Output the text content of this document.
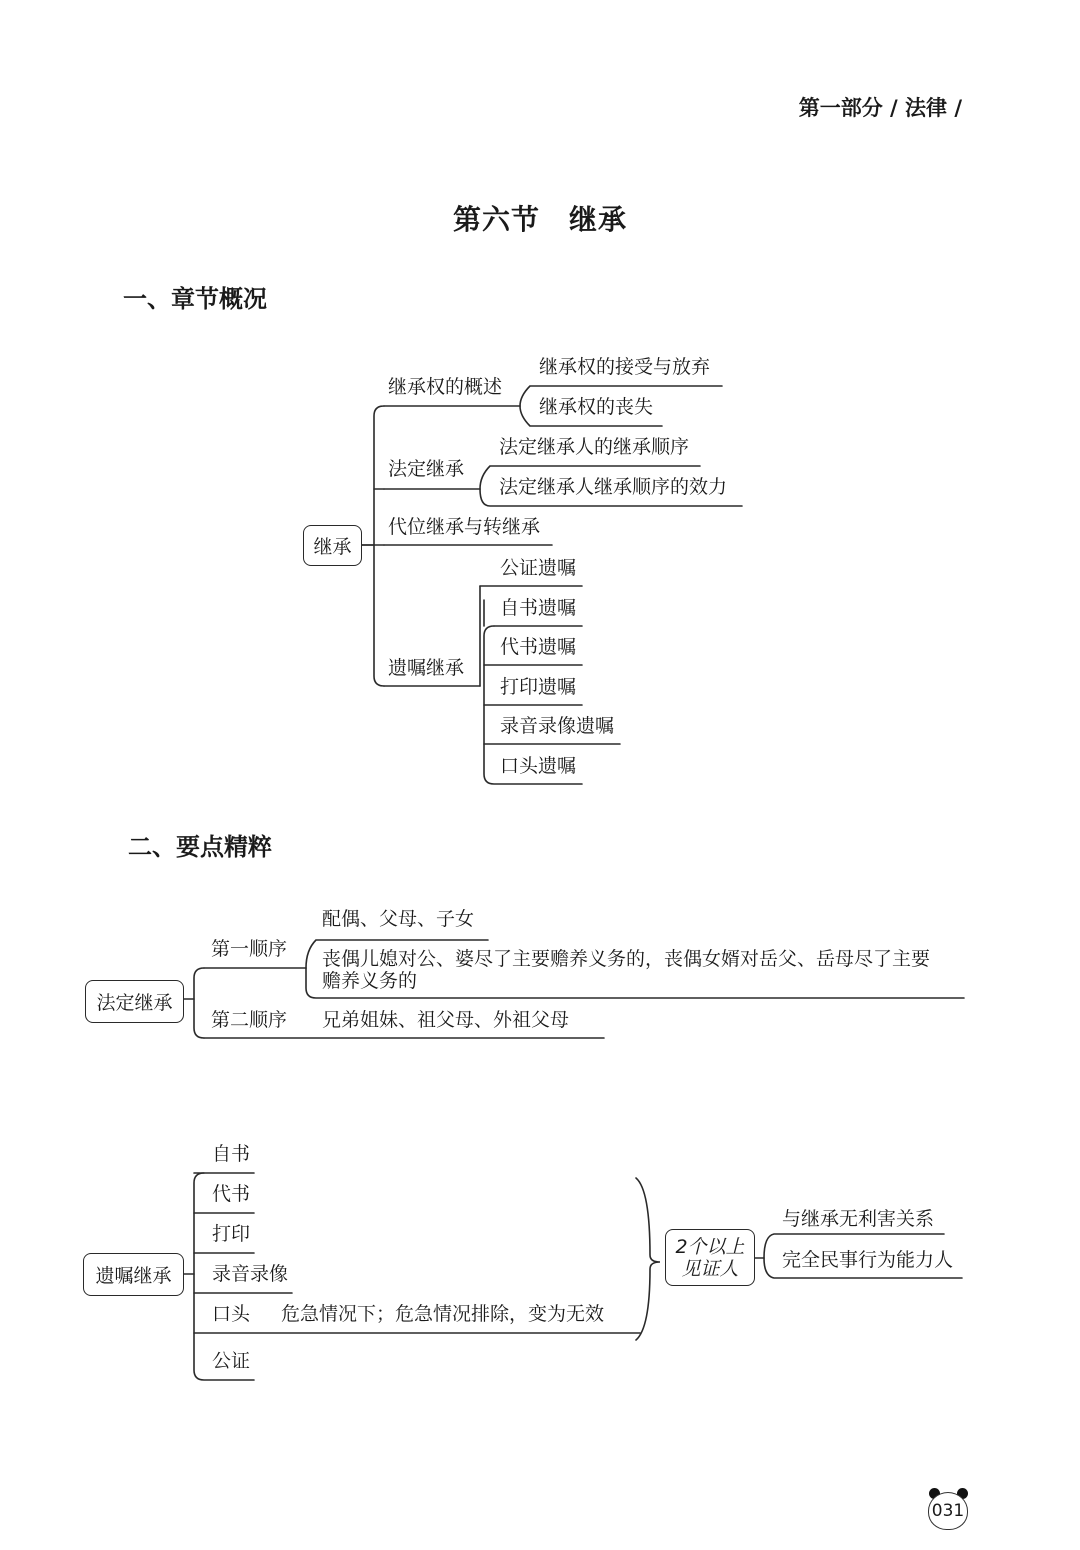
第一部分 / 法律 /
第六节　继承
一、章节概况
继承
继承权的概述
继承权的接受与放弃
继承权的丧失
法定继承
法定继承人的继承顺序
法定继承人继承顺序的效力
代位继承与转继承
遗嘱继承
公证遗嘱
自书遗嘱
代书遗嘱
打印遗嘱
录音录像遗嘱
口头遗嘱
二、要点精粹
法定继承
第一顺序
配偶、父母、子女
丧偶儿媳对公、婆尽了主要赡养义务的，丧偶女婿对岳父、岳母尽了主要
赡养义务的
第二顺序 兄弟姐妹、祖父母、外祖父母
遗嘱继承
自书
代书
打印
录音录像
口头 危急情况下；危急情况排除，变为无效
公证
2个以上
见证人
与继承无利害关系
完全民事行为能力人
031
